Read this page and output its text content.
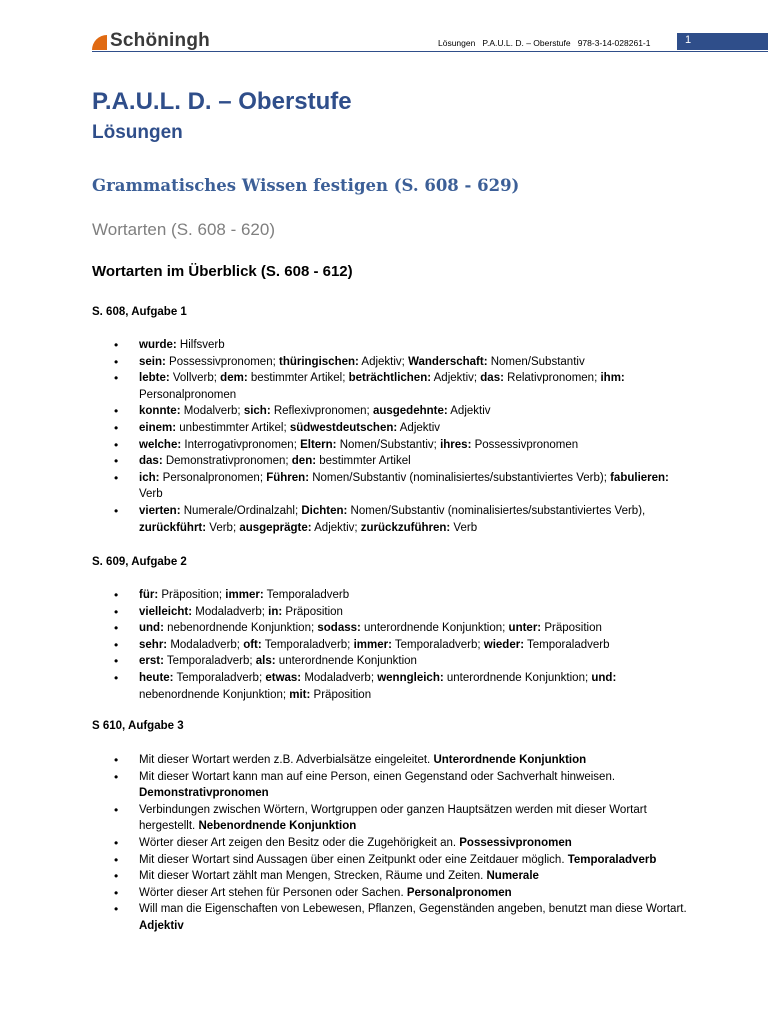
Schöningh	Lösungen   P.A.U.L. D. – Oberstufe   978-3-14-028261-1	1
P.A.U.L. D. – Oberstufe
Lösungen
Grammatisches Wissen festigen (S. 608 - 629)
Wortarten (S. 608 - 620)
Wortarten im Überblick (S. 608 - 612)
S. 608, Aufgabe 1
• wurde: Hilfsverb
• sein: Possessivpronomen; thüringischen: Adjektiv; Wanderschaft: Nomen/Substantiv
• lebte: Vollverb; dem: bestimmter Artikel; beträchtlichen: Adjektiv; das: Relativpronomen; ihm: Personalpronomen
• konnte: Modalverb; sich: Reflexivpronomen; ausgedehnte: Adjektiv
• einem: unbestimmter Artikel; südwestdeutschen: Adjektiv
• welche: Interrogativpronomen; Eltern: Nomen/Substantiv; ihres: Possessivpronomen
• das: Demonstrativpronomen; den: bestimmter Artikel
• ich: Personalpronomen; Führen: Nomen/Substantiv (nominalisiertes/substantiviertes Verb); fabulieren: Verb
• vierten: Numerale/Ordinalzahl; Dichten: Nomen/Substantiv (nominalisiertes/substantiviertes Verb), zurückführt: Verb; ausgeprägte: Adjektiv; zurückzuführen: Verb
S. 609, Aufgabe 2
• für: Präposition; immer: Temporaladverb
• vielleicht: Modaladverb; in: Präposition
• und: nebenordnende Konjunktion; sodass: unterordnende Konjunktion; unter: Präposition
• sehr: Modaladverb; oft: Temporaladverb; immer: Temporaladverb; wieder: Temporaladverb
• erst: Temporaladverb; als: unterordnende Konjunktion
• heute: Temporaladverb; etwas: Modaladverb; wenngleich: unterordnende Konjunktion; und: nebenordnende Konjunktion; mit: Präposition
S 610, Aufgabe 3
• Mit dieser Wortart werden z.B. Adverbialsätze eingeleitet. Unterordnende Konjunktion
• Mit dieser Wortart kann man auf eine Person, einen Gegenstand oder Sachverhalt hinweisen. Demonstrativpronomen
• Verbindungen zwischen Wörtern, Wortgruppen oder ganzen Hauptsätzen werden mit dieser Wortart hergestellt. Nebenordnende Konjunktion
• Wörter dieser Art zeigen den Besitz oder die Zugehörigkeit an. Possessivpronomen
• Mit dieser Wortart sind Aussagen über einen Zeitpunkt oder eine Zeitdauer möglich. Temporaladverb
• Mit dieser Wortart zählt man Mengen, Strecken, Räume und Zeiten. Numerale
• Wörter dieser Art stehen für Personen oder Sachen. Personalpronomen
• Will man die Eigenschaften von Lebewesen, Pflanzen, Gegenständen angeben, benutzt man diese Wortart. Adjektiv
